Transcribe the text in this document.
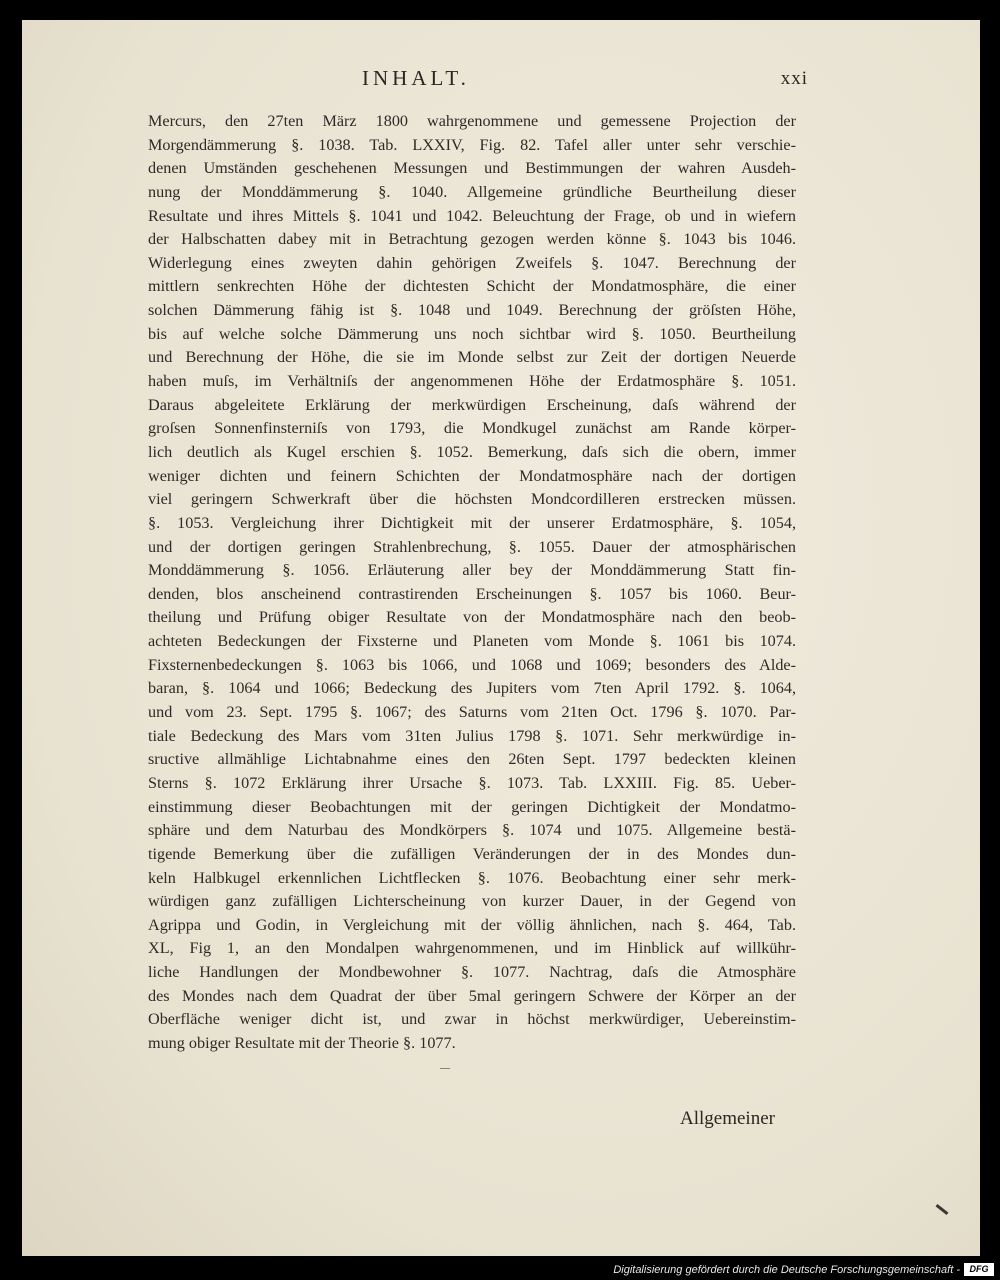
INHALT.	xxi
Mercurs, den 27ten März 1800 wahrgenommene und gemessene Projection der
Morgendämmerung §. 1038. Tab. LXXIV, Fig. 82. Tafel aller unter sehr verschie-
denen Umständen geschehenen Messungen und Bestimmungen der wahren Ausdeh-
nung der Monddämmerung §. 1040. Allgemeine gründliche Beurtheilung dieser
Resultate und ihres Mittels §. 1041 und 1042. Beleuchtung der Frage, ob und in wiefern
der Halbschatten dabey mit in Betrachtung gezogen werden könne §. 1043 bis 1046.
Widerlegung eines zweyten dahin gehörigen Zweifels §. 1047. Berechnung der
mittlern senkrechten Höhe der dichtesten Schicht der Mondatmosphäre, die einer
solchen Dämmerung fähig ist §. 1048 und 1049. Berechnung der gröſsten Höhe,
bis auf welche solche Dämmerung uns noch sichtbar wird §. 1050. Beurtheilung
und Berechnung der Höhe, die sie im Monde selbst zur Zeit der dortigen Neuerde
haben muſs, im Verhältniſs der angenommenen Höhe der Erdatmosphäre §. 1051.
Daraus abgeleitete Erklärung der merkwürdigen Erscheinung, daſs während der
groſsen Sonnenfinsterniſs von 1793, die Mondkugel zunächst am Rande körper-
lich deutlich als Kugel erschien §. 1052. Bemerkung, daſs sich die obern, immer
weniger dichten und feinern Schichten der Mondatmosphäre nach der dortigen
viel geringern Schwerkraft über die höchsten Mondcordilleren erstrecken müssen.
§. 1053. Vergleichung ihrer Dichtigkeit mit der unserer Erdatmosphäre, §. 1054,
und der dortigen geringen Strahlenbrechung, §. 1055. Dauer der atmosphärischen
Monddämmerung §. 1056. Erläuterung aller bey der Monddämmerung Statt fin-
denden, blos anscheinend contrastirenden Erscheinungen §. 1057 bis 1060. Beur-
theilung und Prüfung obiger Resultate von der Mondatmosphäre nach den beob-
achteten Bedeckungen der Fixsterne und Planeten vom Monde §. 1061 bis 1074.
Fixsternenbedeckungen §. 1063 bis 1066, und 1068 und 1069; besonders des Alde-
baran, §. 1064 und 1066; Bedeckung des Jupiters vom 7ten April 1792. §. 1064,
und vom 23. Sept. 1795 §. 1067; des Saturns vom 21ten Oct. 1796 §. 1070. Par-
tiale Bedeckung des Mars vom 31ten Julius 1798 §. 1071. Sehr merkwürdige in-
sructive allmählige Lichtabnahme eines den 26ten Sept. 1797 bedeckten kleinen
Sterns §. 1072 Erklärung ihrer Ursache §. 1073. Tab. LXXIII. Fig. 85. Ueber-
einstimmung dieser Beobachtungen mit der geringen Dichtigkeit der Mondatmo-
sphäre und dem Naturbau des Mondkörpers §. 1074 und 1075. Allgemeine bestä-
tigende Bemerkung über die zufälligen Veränderungen der in des Mondes dun-
keln Halbkugel erkennlichen Lichtflecken §. 1076. Beobachtung einer sehr merk-
würdigen ganz zufälligen Lichterscheinung von kurzer Dauer, in der Gegend von
Agrippa und Godin, in Vergleichung mit der völlig ähnlichen, nach §. 464, Tab.
XL, Fig 1, an den Mondalpen wahrgenommenen, und im Hinblick auf willkühr-
liche Handlungen der Mondbewohner §. 1077. Nachtrag, daſs die Atmosphäre
des Mondes nach dem Quadrat der über 5mal geringern Schwere der Körper an der
Oberfläche weniger dicht ist, und zwar in höchst merkwürdiger, Uebereinstim-
mung obiger Resultate mit der Theorie §. 1077.
Allgemeiner
Digitalisierung gefördert durch die Deutsche Forschungsgemeinschaft -	DFG
